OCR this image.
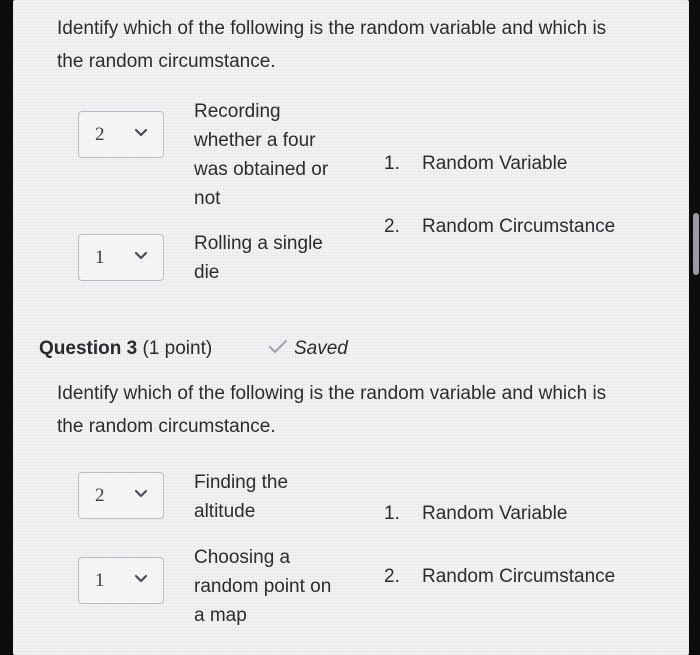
Identify which of the following is the random variable and which is
the random circumstance.

2
Recording
whether a four
was obtained or
not
1
Rolling a single
die
1. Random Variable
2. Random Circumstance
Question 3 (1 point)	Saved

Identify which of the following is the random variable and which is
the random circumstance.

2
Finding the
altitude
1
Choosing a
random point on
a map
1. Random Variable
2. Random Circumstance
